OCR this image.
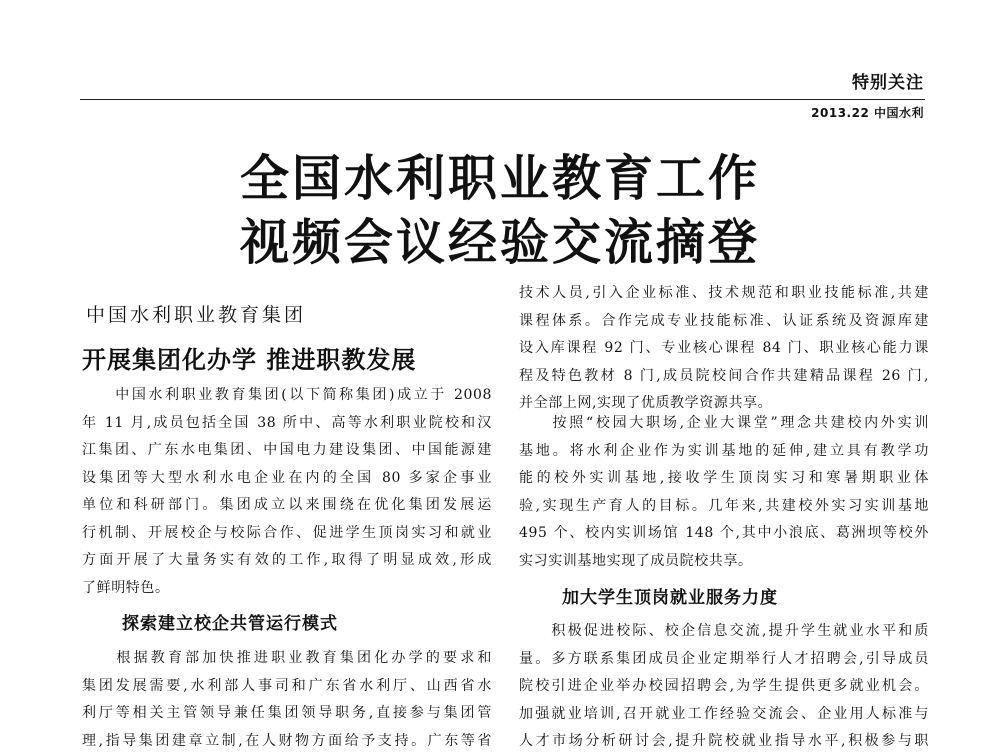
特别关注
2013.22 中国水利
全国水利职业教育工作
视频会议经验交流摘登
中国水利职业教育集团
开展集团化办学 推进职教发展
　　中国水利职业教育集团(以下简称集团)成立于 2008
年 11 月,成员包括全国 38 所中、高等水利职业院校和汉
江集团、广东水电集团、中国电力建设集团、中国能源建
设集团等大型水利水电企业在内的全国 80 多家企事业
单位和科研部门。集团成立以来围绕在优化集团发展运
行机制、开展校企与校际合作、促进学生顶岗实习和就业
方面开展了大量务实有效的工作,取得了明显成效,形成
了鲜明特色。
探索建立校企共管运行模式
　　根据教育部加快推进职业教育集团化办学的要求和
集团发展需要,水利部人事司和广东省水利厅、山西省水
利厅等相关主管领导兼任集团领导职务,直接参与集团管
理,指导集团建章立制,在人财物方面给予支持。广东等省
技术人员,引入企业标准、技术规范和职业技能标准,共建
课程体系。合作完成专业技能标准、认证系统及资源库建
设入库课程 92 门、专业核心课程 84 门、职业核心能力课
程及特色教材 8 门,成员院校间合作共建精品课程 26 门,
并全部上网,实现了优质教学资源共享。
　　按照“校园大职场,企业大课堂”理念共建校内外实训
基地。将水利企业作为实训基地的延伸,建立具有教学功
能的校外实训基地,接收学生顶岗实习和寒暑期职业体
验,实现生产育人的目标。几年来,共建校外实习实训基地
495 个、校内实训场馆 148 个,其中小浪底、葛洲坝等校外
实习实训基地实现了成员院校共享。
加大学生顶岗就业服务力度
　　积极促进校际、校企信息交流,提升学生就业水平和质
量。多方联系集团成员企业定期举行人才招聘会,引导成员
院校引进企业举办校园招聘会,为学生提供更多就业机会。
加强就业培训,召开就业工作经验交流会、企业用人标准与
人才市场分析研讨会,提升院校就业指导水平,积极参与职
